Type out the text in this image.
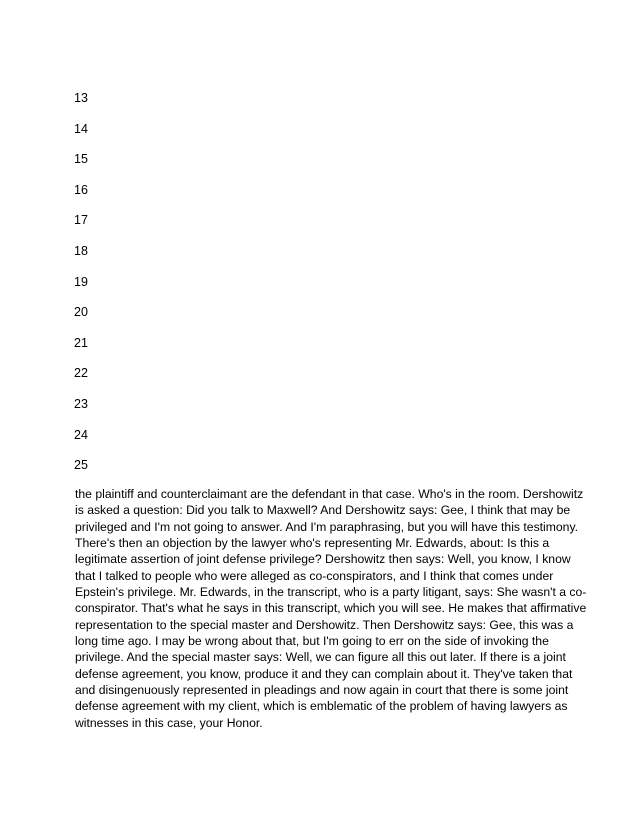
13
14
15
16
17
18
19
20
21
22
23
24
25

the plaintiff and counterclaimant are the defendant in that case. Who's in the room. Dershowitz
is asked a question: Did you talk to Maxwell? And Dershowitz says: Gee, I think that may be
privileged and I'm not going to answer. And I'm paraphrasing, but you will have this testimony.
There's then an objection by the lawyer who's representing Mr. Edwards, about: Is this a
legitimate assertion of joint defense privilege? Dershowitz then says: Well, you know, I know
that I talked to people who were alleged as co-conspirators, and I think that comes under
Epstein's privilege. Mr. Edwards, in the transcript, who is a party litigant, says: She wasn't a co-
conspirator. That's what he says in this transcript, which you will see. He makes that affirmative
representation to the special master and Dershowitz. Then Dershowitz says: Gee, this was a
long time ago. I may be wrong about that, but I'm going to err on the side of invoking the
privilege. And the special master says: Well, we can figure all this out later. If there is a joint
defense agreement, you know, produce it and they can complain about it. They've taken that
and disingenuously represented in pleadings and now again in court that there is some joint
defense agreement with my client, which is emblematic of the problem of having lawyers as
witnesses in this case, your Honor.
